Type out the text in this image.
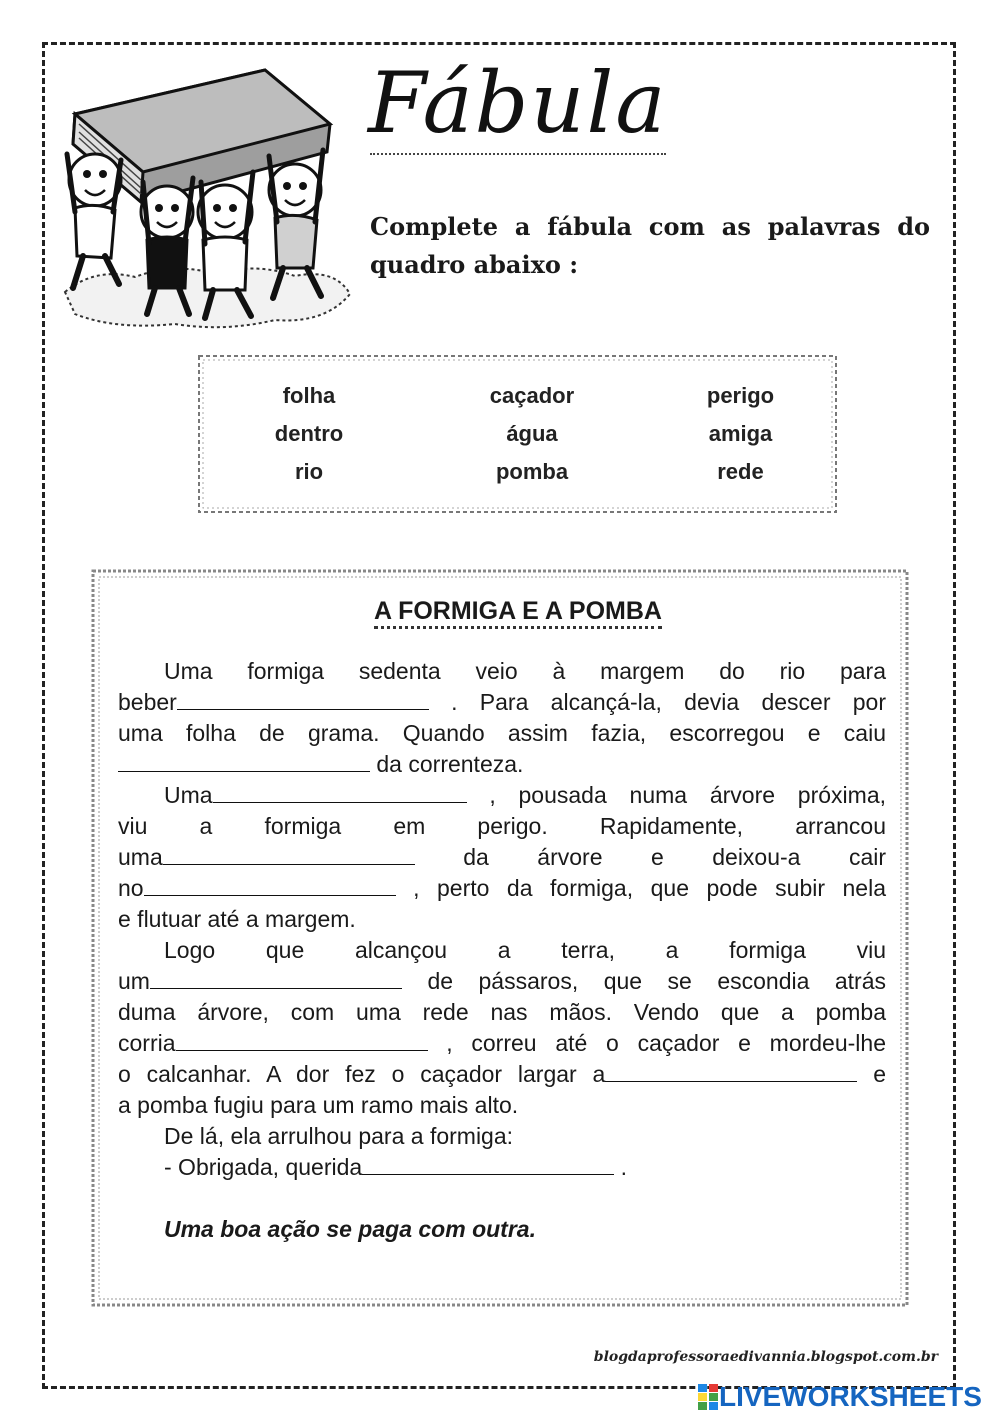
Fábula
Complete a fábula com as palavras do quadro abaixo :
folha	caçador	perigo
dentro	água	amiga
rio	pomba	rede
A FORMIGA E A POMBA

Uma formiga sedenta veio à margem do rio para

beber	. Para alcançá-la, devia descer por

uma folha de grama. Quando assim fazia, escorregou e caiu

da correnteza.

Uma	, pousada numa árvore próxima,

viu a formiga em perigo. Rapidamente, arrancou

uma	da árvore e deixou-a cair

no	, perto da formiga, que pode subir nela

e flutuar até a margem.

Logo que alcançou a terra, a formiga viu

um	de pássaros, que se escondia atrás

duma árvore, com uma rede nas mãos. Vendo que a pomba

corria	, correu até o caçador e mordeu-lhe

o calcanhar. A dor fez o caçador largar a	e

a pomba fugiu para um ramo mais alto.

De lá, ela arrulhou para a formiga:

- Obrigada, querida	.

Uma boa ação se paga com outra.
blogdaprofessoraedivannia.blogspot.com.br
LIVEWORKSHEETS
